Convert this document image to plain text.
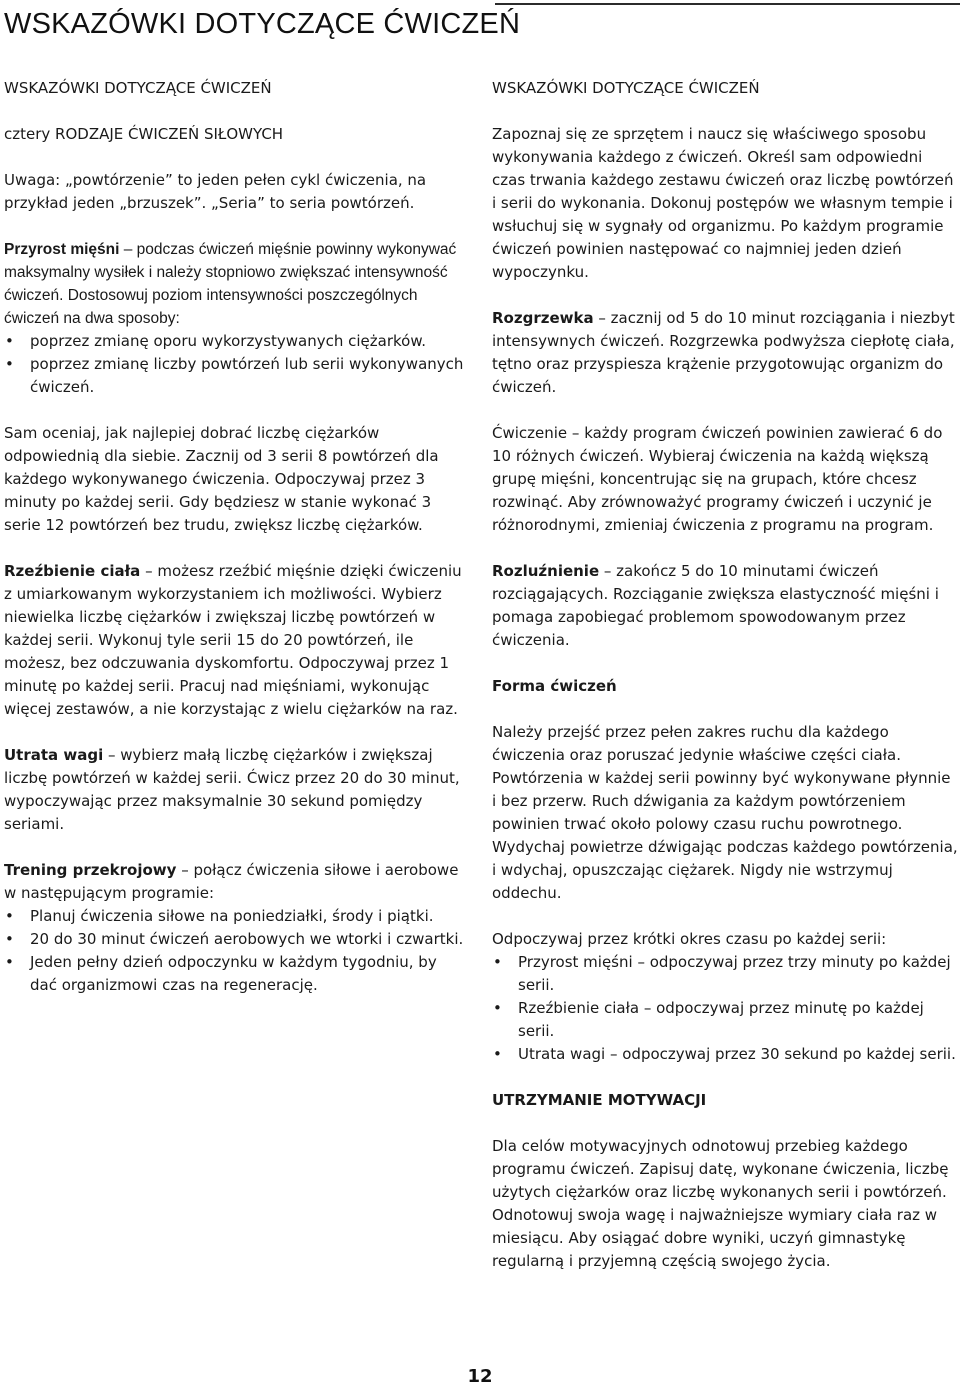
WSKAZÓWKI DOTYCZĄCE ĆWICZEŃ
WSKAZÓWKI DOTYCZĄCE ĆWICZEŃ

cztery RODZAJE ĆWICZEŃ SIŁOWYCH

Uwaga: „powtórzenie” to jeden pełen cykl ćwiczenia, na przykład jeden „brzuszek”. „Seria” to seria powtórzeń.

Przyrost mięśni – podczas ćwiczeń mięśnie powinny wykonywać maksymalny wysiłek i należy stopniowo zwiększać intensywność ćwiczeń. Dostosowuj poziom intensywności poszczególnych ćwiczeń na dwa sposoby:

• poprzez zmianę oporu wykorzystywanych ciężarków.
• poprzez zmianę liczby powtórzeń lub serii wykonywanych ćwiczeń.

Sam oceniaj, jak najlepiej dobrać liczbę ciężarków odpowiednią dla siebie. Zacznij od 3 serii 8 powtórzeń dla każdego wykonywanego ćwiczenia. Odpoczywaj przez 3 minuty po każdej serii. Gdy będziesz w stanie wykonać 3 serie 12 powtórzeń bez trudu, zwiększ liczbę ciężarków.

Rzeźbienie ciała – możesz rzeźbić mięśnie dzięki ćwiczeniu z umiarkowanym wykorzystaniem ich możliwości. Wybierz niewielka liczbę ciężarków i zwiększaj liczbę powtórzeń w każdej serii. Wykonuj tyle serii 15 do 20 powtórzeń, ile możesz, bez odczuwania dyskomfortu. Odpoczywaj przez 1 minutę po każdej serii. Pracuj nad mięśniami, wykonując więcej zestawów, a nie korzystając z wielu ciężarków na raz.

Utrata wagi – wybierz małą liczbę ciężarków i zwiększaj liczbę powtórzeń w każdej serii. Ćwicz przez 20 do 30 minut, wypoczywając przez maksymalnie 30 sekund pomiędzy seriami.

Trening przekrojowy – połącz ćwiczenia siłowe i aerobowe w następującym programie:

• Planuj ćwiczenia siłowe na poniedziałki, środy i piątki.
• 20 do 30 minut ćwiczeń aerobowych we wtorki i czwartki.
• Jeden pełny dzień odpoczynku w każdym tygodniu, by dać organizmowi czas na regenerację.
WSKAZÓWKI DOTYCZĄCE ĆWICZEŃ

Zapoznaj się ze sprzętem i naucz się właściwego sposobu wykonywania każdego z ćwiczeń. Określ sam odpowiedni czas trwania każdego zestawu ćwiczeń oraz liczbę powtórzeń i serii do wykonania. Dokonuj postępów we własnym tempie i wsłuchuj się w sygnały od organizmu. Po każdym programie ćwiczeń powinien następować co najmniej jeden dzień wypoczynku.

Rozgrzewka – zacznij od 5 do 10 minut rozciągania i niezbyt intensywnych ćwiczeń. Rozgrzewka podwyższa ciepłotę ciała, tętno oraz przyspiesza krążenie przygotowując organizm do ćwiczeń.

Ćwiczenie – każdy program ćwiczeń powinien zawierać 6 do 10 różnych ćwiczeń. Wybieraj ćwiczenia na każdą większą grupę mięśni, koncentrując się na grupach, które chcesz rozwinąć. Aby zrównoważyć programy ćwiczeń i uczynić je różnorodnymi, zmieniaj ćwiczenia z programu na program.

Rozluźnienie – zakończ 5 do 10 minutami ćwiczeń rozciągających. Rozciąganie zwiększa elastyczność mięśni i pomaga zapobiegać problemom spowodowanym przez ćwiczenia.

Forma ćwiczeń

Należy przejść przez pełen zakres ruchu dla każdego ćwiczenia oraz poruszać jedynie właściwe części ciała. Powtórzenia w każdej serii powinny być wykonywane płynnie i bez przerw. Ruch dźwigania za każdym powtórzeniem powinien trwać około polowy czasu ruchu powrotnego. Wydychaj powietrze dźwigając podczas każdego powtórzenia, i wdychaj, opuszczając ciężarek. Nigdy nie wstrzymuj oddechu.

Odpoczywaj przez krótki okres czasu po każdej serii:

• Przyrost mięśni – odpoczywaj przez trzy minuty po każdej serii.
• Rzeźbienie ciała – odpoczywaj przez minutę po każdej serii.
• Utrata wagi – odpoczywaj przez 30 sekund po każdej serii.
UTRZYMANIE MOTYWACJI

Dla celów motywacyjnych odnotowuj przebieg każdego programu ćwiczeń. Zapisuj datę, wykonane ćwiczenia, liczbę użytych ciężarków oraz liczbę wykonanych serii i powtórzeń. Odnotowuj swoja wagę i najważniejsze wymiary ciała raz w miesiącu. Aby osiągać dobre wyniki, uczyń gimnastykę regularną i przyjemną częścią swojego życia.

12
